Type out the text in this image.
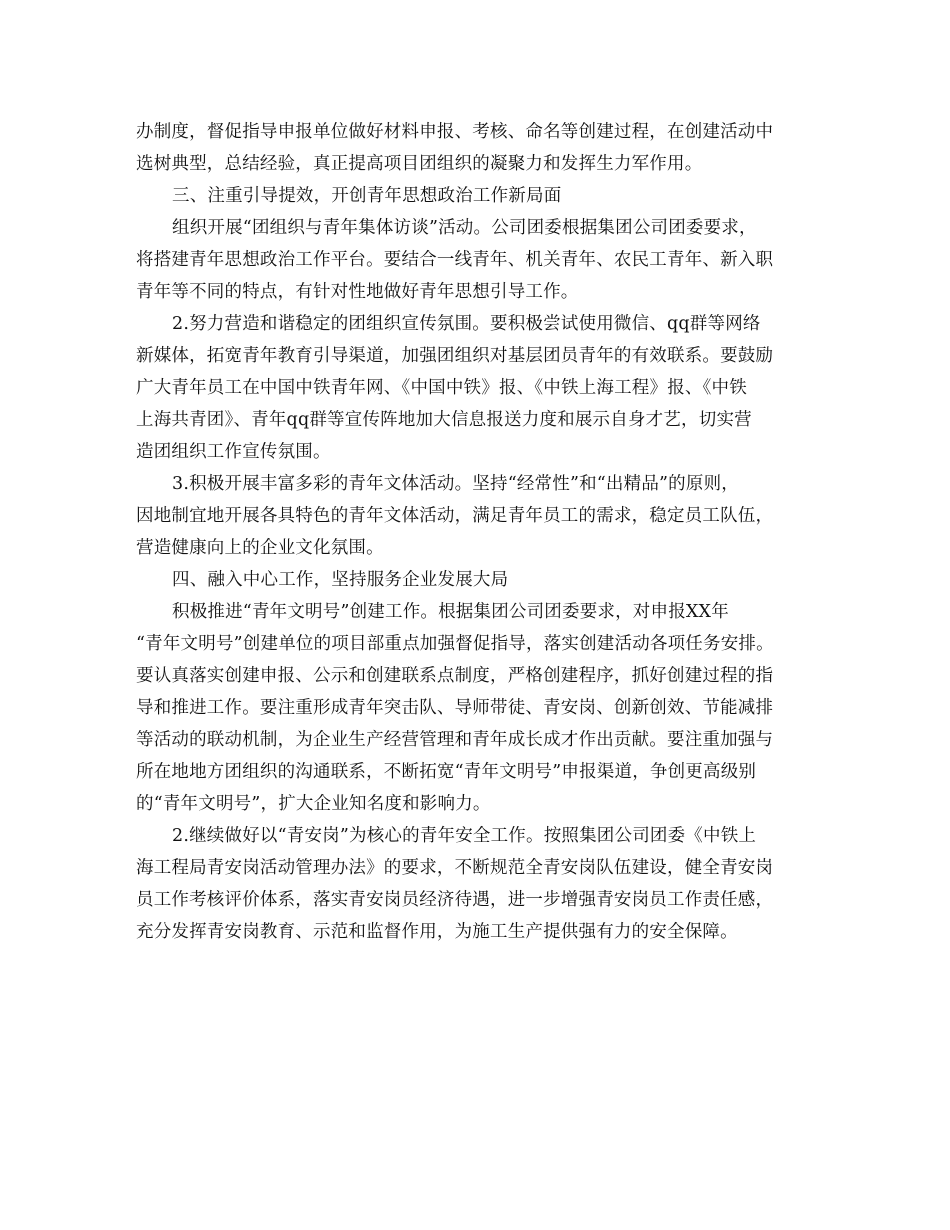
办制度，督促指导申报单位做好材料申报、考核、命名等创建过程，在创建活动中
选树典型，总结经验，真正提高项目团组织的凝聚力和发挥生力军作用。
三、注重引导提效，开创青年思想政治工作新局面
组织开展“团组织与青年集体访谈”活动。公司团委根据集团公司团委要求，
将搭建青年思想政治工作平台。要结合一线青年、机关青年、农民工青年、新入职
青年等不同的特点，有针对性地做好青年思想引导工作。
2.努力营造和谐稳定的团组织宣传氛围。要积极尝试使用微信、qq群等网络
新媒体，拓宽青年教育引导渠道，加强团组织对基层团员青年的有效联系。要鼓励
广大青年员工在中国中铁青年网、《中国中铁》报、《中铁上海工程》报、《中铁
上海共青团》、青年qq群等宣传阵地加大信息报送力度和展示自身才艺，切实营
造团组织工作宣传氛围。
3.积极开展丰富多彩的青年文体活动。坚持“经常性”和“出精品”的原则，
因地制宜地开展各具特色的青年文体活动，满足青年员工的需求，稳定员工队伍，
营造健康向上的企业文化氛围。
四、融入中心工作，坚持服务企业发展大局
积极推进“青年文明号”创建工作。根据集团公司团委要求，对申报XX年
“青年文明号”创建单位的项目部重点加强督促指导，落实创建活动各项任务安排。
要认真落实创建申报、公示和创建联系点制度，严格创建程序，抓好创建过程的指
导和推进工作。要注重形成青年突击队、导师带徒、青安岗、创新创效、节能减排
等活动的联动机制，为企业生产经营管理和青年成长成才作出贡献。要注重加强与
所在地地方团组织的沟通联系，不断拓宽“青年文明号”申报渠道，争创更高级别
的“青年文明号”，扩大企业知名度和影响力。
2.继续做好以“青安岗”为核心的青年安全工作。按照集团公司团委《中铁上
海工程局青安岗活动管理办法》的要求，不断规范全青安岗队伍建设，健全青安岗
员工作考核评价体系，落实青安岗员经济待遇，进一步增强青安岗员工作责任感，
充分发挥青安岗教育、示范和监督作用，为施工生产提供强有力的安全保障。
